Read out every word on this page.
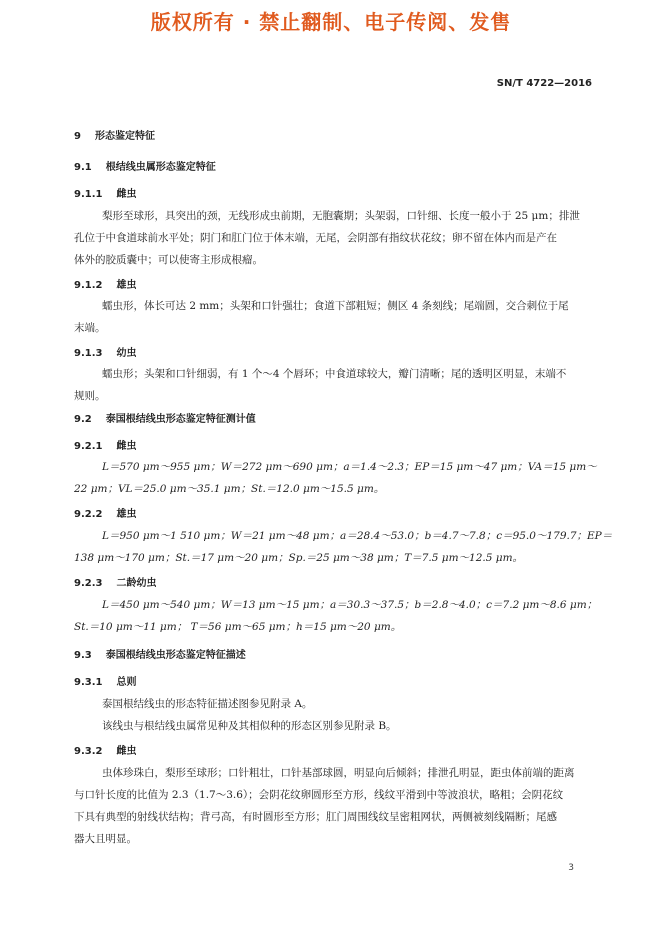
版权所有 · 禁止翻制、电子传阅、发售
SN/T 4722—2016
9 形态鉴定特征
9.1 根结线虫属形态鉴定特征
9.1.1 雌虫
梨形至球形，具突出的颈，无线形成虫前期，无胞囊期；头架弱，口针细、长度一般小于 25 μm；排泄
孔位于中食道球前水平处；阴门和肛门位于体末端，无尾，会阴部有指纹状花纹；卵不留在体内而是产在
体外的胶质囊中；可以使寄主形成根瘤。
9.1.2 雄虫
蠕虫形，体长可达 2 mm；头架和口针强壮；食道下部粗短；侧区 4 条刻线；尾端圆，交合刺位于尾
末端。
9.1.3 幼虫
蠕虫形；头架和口针细弱，有 1 个～4 个唇环；中食道球较大，瓣门清晰；尾的透明区明显，末端不
规则。
9.2 泰国根结线虫形态鉴定特征测计值
9.2.1 雌虫
L＝570 μm～955 μm；W＝272 μm～690 μm；a＝1.4～2.3；EP＝15 μm～47 μm；VA＝15 μm～
22 μm；VL＝25.0 μm～35.1 μm；St.＝12.0 μm～15.5 μm。
9.2.2 雄虫
L＝950 μm～1 510 μm；W＝21 μm～48 μm；a＝28.4～53.0；b＝4.7～7.8；c＝95.0～179.7；EP＝
138 μm～170 μm；St.＝17 μm～20 μm；Sp.＝25 μm～38 μm；T＝7.5 μm～12.5 μm。
9.2.3 二龄幼虫
L＝450 μm～540 μm；W＝13 μm～15 μm；a＝30.3～37.5；b＝2.8～4.0；c＝7.2 μm～8.6 μm；
St.＝10 μm～11 μm； T＝56 μm～65 μm；h＝15 μm～20 μm。
9.3 泰国根结线虫形态鉴定特征描述
9.3.1 总则
泰国根结线虫的形态特征描述图参见附录 A。
该线虫与根结线虫属常见种及其相似种的形态区别参见附录 B。
9.3.2 雌虫
虫体珍珠白，梨形至球形；口针粗壮，口针基部球圆，明显向后倾斜；排泄孔明显，距虫体前端的距离
与口针长度的比值为 2.3（1.7～3.6）；会阴花纹卵圆形至方形，线纹平滑到中等波浪状，略粗；会阴花纹
下具有典型的射线状结构；背弓高，有时圆形至方形；肛门周围线纹呈密粗网状，两侧被刻线隔断；尾感
器大且明显。
3
